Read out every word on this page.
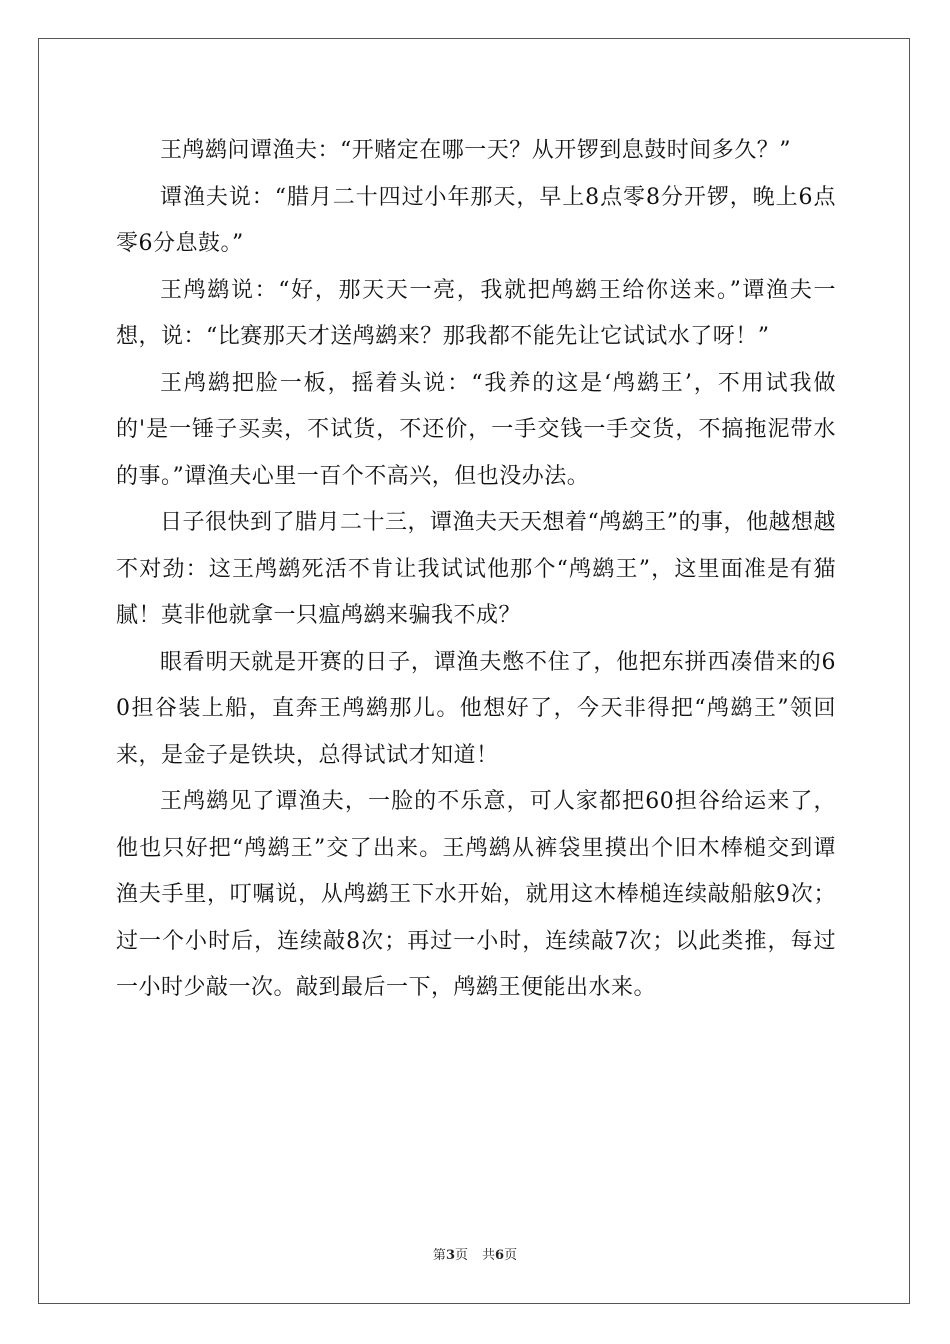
王鸬鹚问谭渔夫：“开赌定在哪一天？从开锣到息鼓时间多久？”

谭渔夫说：“腊月二十四过小年那天，早上8点零8分开锣，晚上6点零6分息鼓。”

王鸬鹚说：“好，那天天一亮，我就把鸬鹚王给你送来。”谭渔夫一想，说：“比赛那天才送鸬鹚来？那我都不能先让它试试水了呀！”

王鸬鹚把脸一板，摇着头说：“我养的这是‘鸬鹚王’，不用试我做的'是一锤子买卖，不试货，不还价，一手交钱一手交货，不搞拖泥带水的事。”谭渔夫心里一百个不高兴，但也没办法。

日子很快到了腊月二十三，谭渔夫天天想着“鸬鹚王”的事，他越想越不对劲：这王鸬鹚死活不肯让我试试他那个“鸬鹚王”，这里面准是有猫腻！莫非他就拿一只瘟鸬鹚来骗我不成？

眼看明天就是开赛的日子，谭渔夫憋不住了，他把东拼西凑借来的60担谷装上船，直奔王鸬鹚那儿。他想好了，今天非得把“鸬鹚王”领回来，是金子是铁块，总得试试才知道！

王鸬鹚见了谭渔夫，一脸的不乐意，可人家都把60担谷给运来了，他也只好把“鸬鹚王”交了出来。王鸬鹚从裤袋里摸出个旧木棒槌交到谭渔夫手里，叮嘱说，从鸬鹚王下水开始，就用这木棒槌连续敲船舷9次；过一个小时后，连续敲8次；再过一小时，连续敲7次；以此类推，每过一小时少敲一次。敲到最后一下，鸬鹚王便能出水来。

第3页 共6页
